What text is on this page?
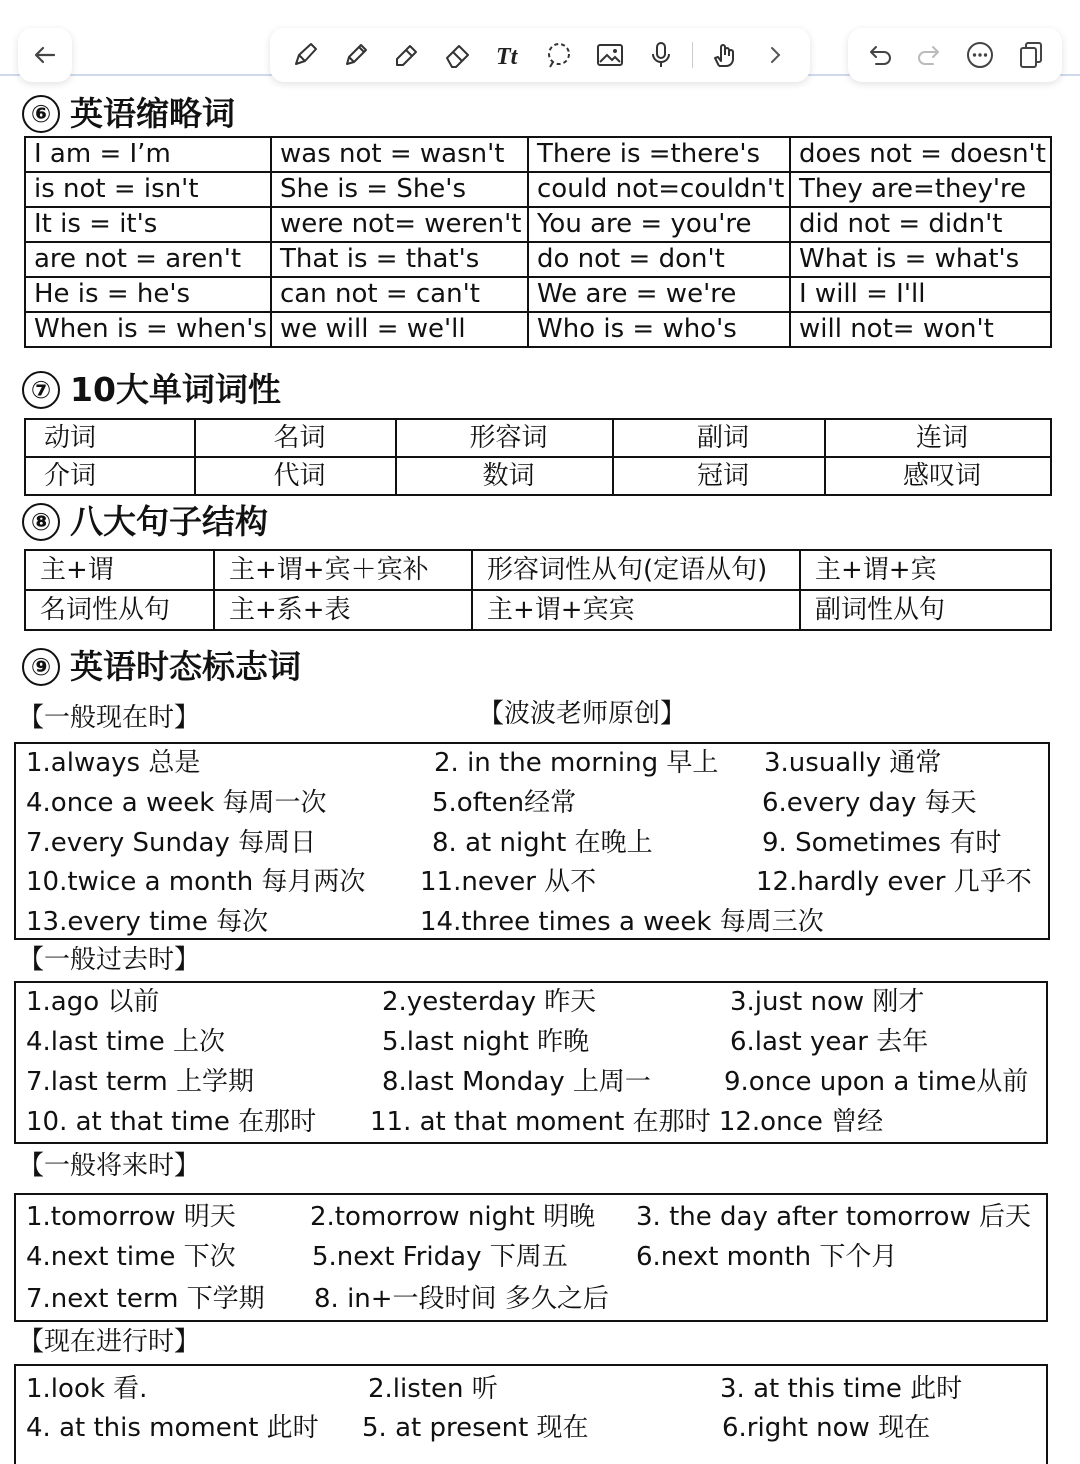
Tt
⑥ 英语缩略词
I am = I’m	was not = wasn't	There is =there's	does not = doesn't
is not = isn't	She is = She's	could not=couldn't	They are=they're
It is = it's	were not= weren't	You are = you're	did not = didn't
are not = aren't	That is = that's	do not = don't	What is = what's
He is = he's	can not = can't	We are = we're	I will = I'll
When is = when's	we will = we'll	Who is = who's	will not= won't
⑦ 10大单词词性
动词	名词	形容词	副词	连词
介词	代词	数词	冠词	感叹词
⑧ 八大句子结构
主+谓	主+谓+宾＋宾补	形容词性从句(定语从句)	主+谓+宾
名词性从句	主+系+表	主+谓+宾宾	副词性从句
⑨ 英语时态标志词
【一般现在时】	【波波老师原创】
1.always 总是	2. in the morning 早上 3.usually 通常
4.once a week 每周一次	5.often经常	6.every day 每天
7.every Sunday 每周日	8. at night 在晚上	9. Sometimes 有时
10.twice a month 每月两次 11.never 从不	12.hardly ever 几乎不
13.every time 每次	14.three times a week 每周三次
【一般过去时】
1.ago 以前	2.yesterday 昨天	3.just now 刚才
4.last time 上次	5.last night 昨晚	6.last year 去年
7.last term 上学期	8.last Monday 上周一	9.once upon a time从前
10. at that time 在那时 11. at that moment 在那时 12.once 曾经
【一般将来时】
1.tomorrow 明天	2.tomorrow night 明晚 3. the day after tomorrow 后天
4.next time 下次	5.next Friday 下周五	6.next month 下个月
7.next term 下学期 8. in+一段时间 多久之后
【现在进行时】
1.look 看.	2.listen 听	3. at this time 此时
4. at this moment 此时 5. at present 现在	6.right now 现在
